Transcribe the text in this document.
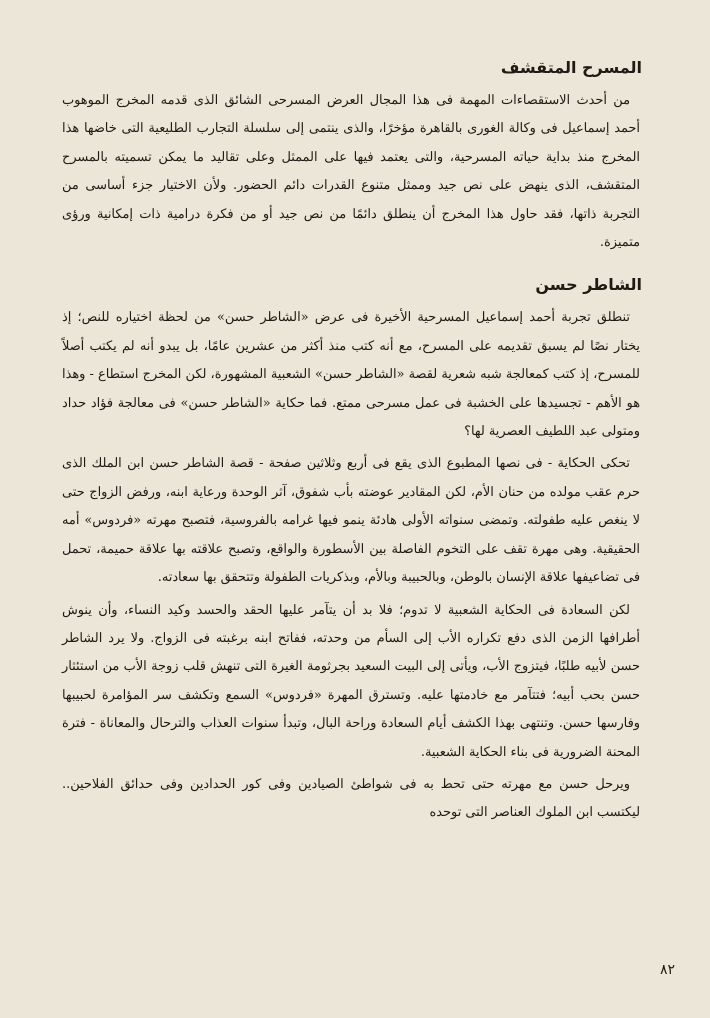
المسرح المتقشف

من أحدث الاستقصاءات المهمة فى هذا المجال العرض المسرحى الشائق الذى قدمه المخرج الموهوب أحمد إسماعيل فى وكالة الغورى بالقاهرة مؤخرًا، والذى ينتمى إلى سلسلة التجارب الطليعية التى خاضها هذا المخرج منذ بداية حياته المسرحية، والتى يعتمد فيها على الممثل وعلى تقاليد ما يمكن تسميته بالمسرح المتقشف، الذى ينهض على نص جيد وممثل متنوع القدرات دائم الحضور. ولأن الاختيار جزء أساسى من التجربة ذاتها، فقد حاول هذا المخرج أن ينطلق دائمًا من نص جيد أو من فكرة درامية ذات إمكانية ورؤى متميزة.

الشاطر حسن

تنطلق تجربة أحمد إسماعيل المسرحية الأخيرة فى عرض «الشاطر حسن» من لحظة اختياره للنص؛ إذ يختار نصًا لم يسبق تقديمه على المسرح، مع أنه كتب منذ أكثر من عشرين عامًا، بل يبدو أنه لم يكتب أصلاً للمسرح، إذ كتب كمعالجة شبه شعرية لقصة «الشاطر حسن» الشعبية المشهورة، لكن المخرج استطاع - وهذا هو الأهم - تجسيدها على الخشبة فى عمل مسرحى ممتع. فما حكاية «الشاطر حسن» فى معالجة فؤاد حداد ومتولى عبد اللطيف العصرية لها؟

تحكى الحكاية - فى نصها المطبوع الذى يقع فى أربع وثلاثين صفحة - قصة الشاطر حسن ابن الملك الذى حرم عقب مولده من حنان الأم، لكن المقادير عوضته بأب شفوق، آثر الوحدة ورعاية ابنه، ورفض الزواج حتى لا ينغص عليه طفولته. وتمضى سنواته الأولى هادئة ينمو فيها غرامه بالفروسية، فتصبح مهرته «فردوس» أمه الحقيقية. وهى مهرة تقف على التخوم الفاصلة بين الأسطورة والواقع، وتصبح علاقته بها علاقة حميمة، تحمل فى تضاعيفها علاقة الإنسان بالوطن، وبالحبيبة وبالأم، وبذكريات الطفولة وتتحقق بها سعادته.

لكن السعادة فى الحكاية الشعبية لا تدوم؛ فلا بد أن يتآمر عليها الحقد والحسد وكيد النساء، وأن ينوش أطرافها الزمن الذى دفع تكراره الأب إلى السأم من وحدته، ففاتح ابنه برغبته فى الزواج. ولا يرد الشاطر حسن لأبيه طلبًا، فيتزوج الأب، ويأتى إلى البيت السعيد بجرثومة الغيرة التى تنهش قلب زوجة الأب من استئثار حسن بحب أبيه؛ فتتآمر مع خادمتها عليه. وتسترق المهرة «فردوس» السمع وتكشف سر المؤامرة لحبيبها وفارسها حسن. وتنتهى بهذا الكشف أيام السعادة وراحة البال، وتبدأ سنوات العذاب والترحال والمعاناة - فترة المحنة الضرورية فى بناء الحكاية الشعبية.

ويرحل حسن مع مهرته حتى تحط به فى شواطئ الصيادين وفى كور الحدادين وفى حدائق الفلاحين.. ليكتسب ابن الملوك العناصر التى توحده

٨٢
